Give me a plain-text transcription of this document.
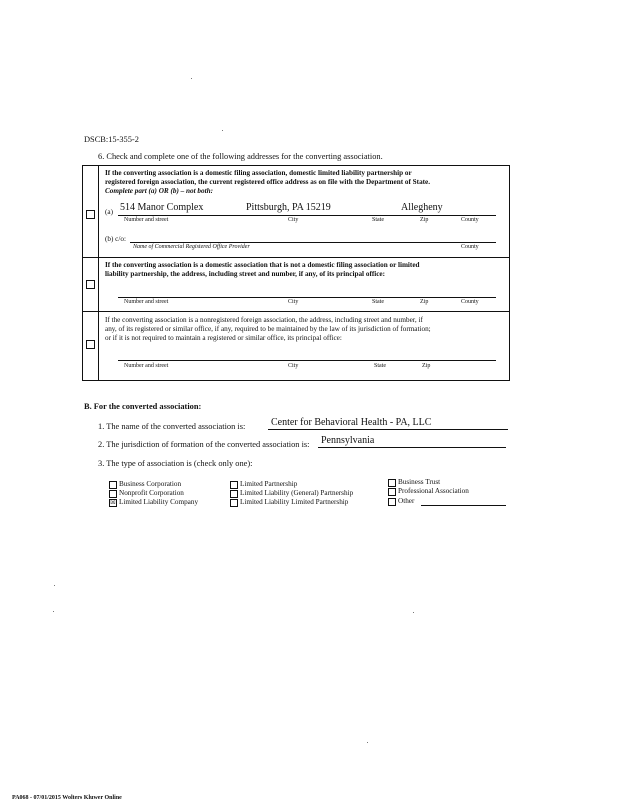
DSCB:15-355-2
6. Check and complete one of the following addresses for the converting association.
If the converting association is a domestic filing association, domestic limited liability partnership or
registered foreign association, the current registered office address as on file with the Department of State.
Complete part (a) OR (b) – not both:
(a) 514 Manor Complex	Pittsburgh, PA 15219	Allegheny
Number and street	City	State	Zip	County
(b) c/o:
Name of Commercial Registered Office Provider	County
If the converting association is a domestic association that is not a domestic filing association or limited
liability partnership, the address, including street and number, if any, of its principal office:
Number and street	City	State	Zip	County
If the converting association is a nonregistered foreign association, the address, including street and number, if
any, of its registered or similar office, if any, required to be maintained by the law of its jurisdiction of formation;
or if it is not required to maintain a registered or similar office, its principal office:
Number and street	City	State	Zip
B. For the converted association:
1. The name of the converted association is:	Center for Behavioral Health - PA, LLC
2. The jurisdiction of formation of the converted association is: Pennsylvania
3. The type of association is (check only one):
Business Corporation
Nonprofit Corporation
☒ Limited Liability Company
Limited Partnership
Limited Liability (General) Partnership
Limited Liability Limited Partnership
Business Trust
Professional Association
Other
PA068 - 07/01/2015 Wolters Kluwer Online
